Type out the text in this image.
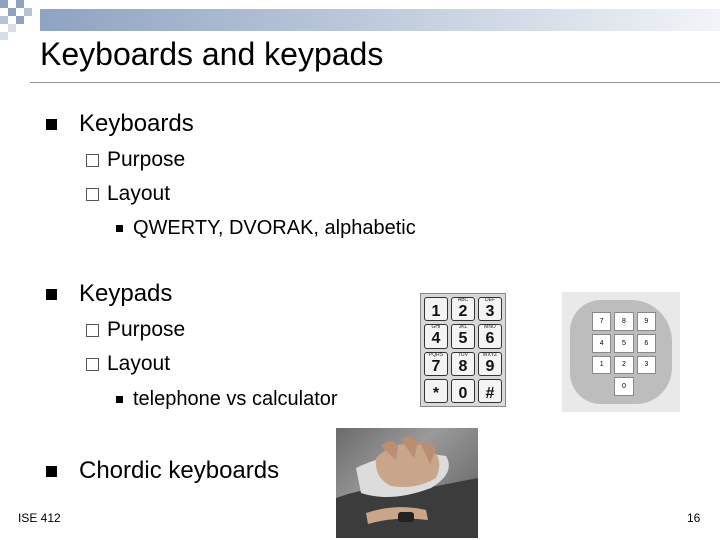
Keyboards and keypads
Keyboards
Purpose
Layout
QWERTY, DVORAK, alphabetic
Keypads
Purpose
Layout
telephone vs calculator
Chordic keyboards
1
ABC
2
DEF
3
GHI
4
JKL
5
MNO
6
PQRS
7
TUV
8
WXYZ
9
* 0 #
7	8	9
4	5	6
1	2	3
0
ISE 412	16
